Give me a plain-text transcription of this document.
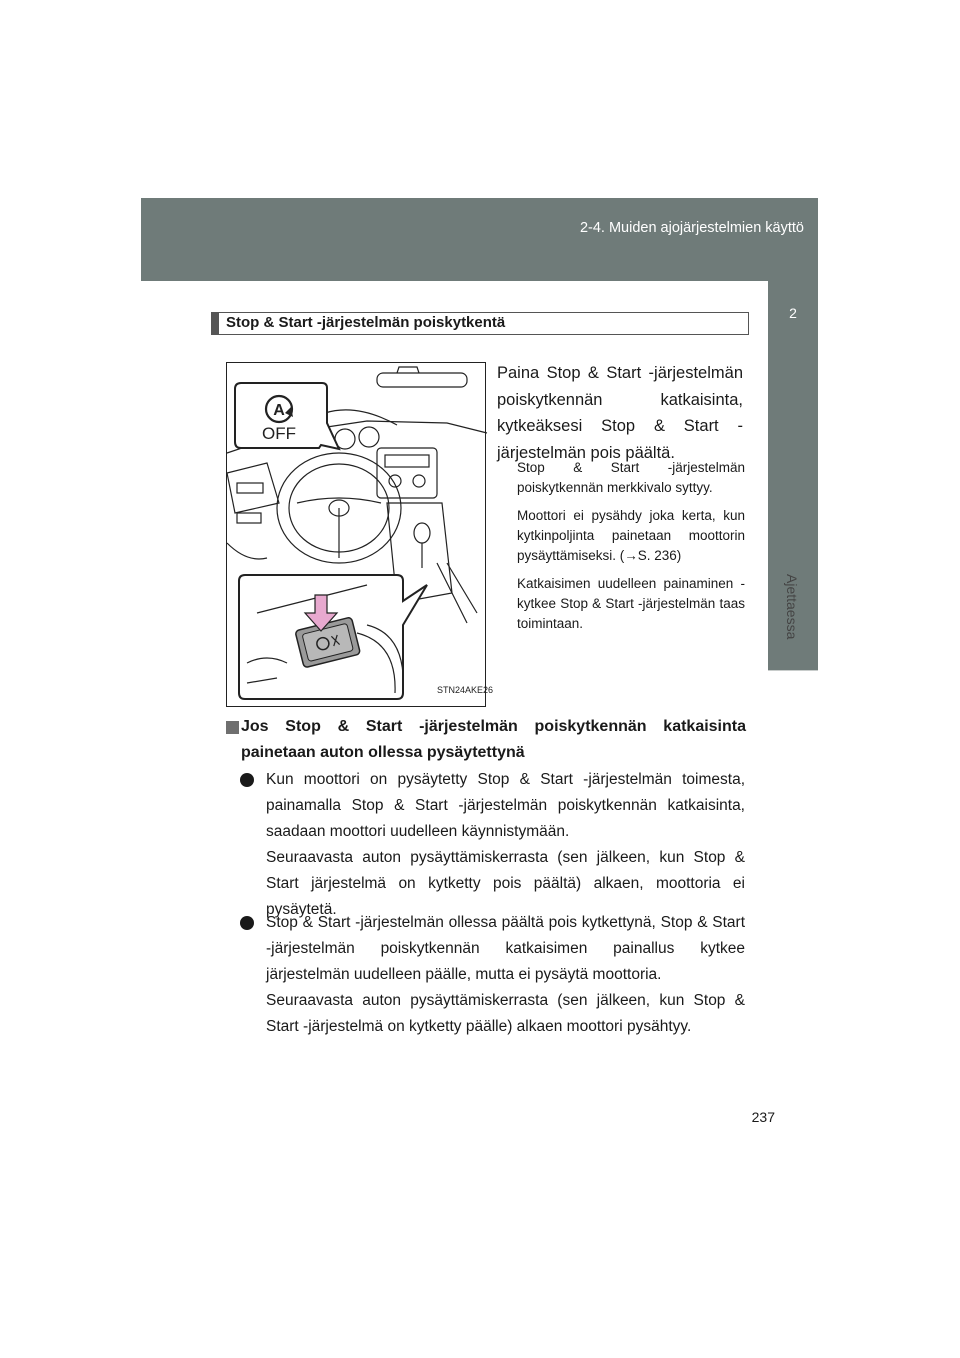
2-4. Muiden ajojärjestelmien käyttö
2
Ajettaessa
Stop & Start -järjestelmän poiskytkentä
A
OFF
STN24AKE26
Paina Stop & Start -järjestelmän poiskytkennän katkaisinta, kytkeäksesi Stop & Start -järjestelmän pois päältä.
Stop & Start -järjestelmän poiskytkennän merkkivalo syttyy.
Moottori ei pysähdy joka kerta, kun kytkinpoljinta painetaan moottorin pysäyttämiseksi. (→S. 236)
Katkaisimen uudelleen painaminen -kytkee Stop & Start -järjestelmän taas toimintaan.
Jos Stop & Start -järjestelmän poiskytkennän katkaisinta painetaan auton ollessa pysäytettynä

Kun moottori on pysäytetty Stop & Start -järjestelmän toimesta, painamalla Stop & Start -järjestelmän poiskytkennän katkaisinta, saadaan moottori uudelleen käynnistymään.

Seuraavasta auton pysäyttämiskerrasta (sen jälkeen, kun Stop & Start järjestelmä on kytketty pois päältä) alkaen, moottoria ei pysäytetä.

Stop & Start -järjestelmän ollessa päältä pois kytkettynä, Stop & Start -järjestelmän poiskytkennän katkaisimen painallus kytkee järjestelmän uudelleen päälle, mutta ei pysäytä moottoria.

Seuraavasta auton pysäyttämiskerrasta (sen jälkeen, kun Stop & Start -järjestelmä on kytketty päälle) alkaen moottori pysähtyy.

237
